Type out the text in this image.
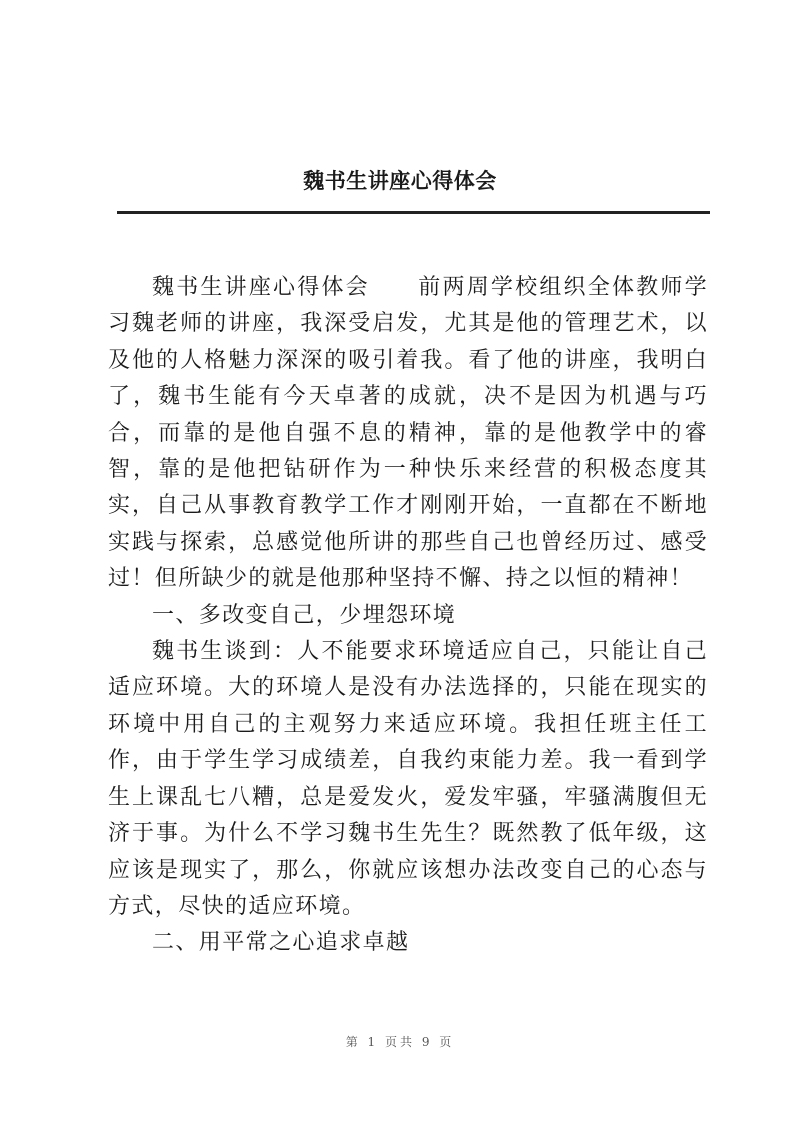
魏书生讲座心得体会

魏书生讲座心得体会　　前两周学校组织全体教师学习魏老师的讲座，我深受启发，尤其是他的管理艺术，以及他的人格魅力深深的吸引着我。看了他的讲座，我明白了，魏书生能有今天卓著的成就，决不是因为机遇与巧合，而靠的是他自强不息的精神，靠的是他教学中的睿智，靠的是他把钻研作为一种快乐来经营的积极态度其实，自己从事教育教学工作才刚刚开始，一直都在不断地实践与探索，总感觉他所讲的那些自己也曾经历过、感受过！但所缺少的就是他那种坚持不懈、持之以恒的精神！

一、多改变自己，少埋怨环境

魏书生谈到：人不能要求环境适应自己，只能让自己适应环境。大的环境人是没有办法选择的，只能在现实的环境中用自己的主观努力来适应环境。我担任班主任工作，由于学生学习成绩差，自我约束能力差。我一看到学生上课乱七八糟，总是爱发火，爱发牢骚，牢骚满腹但无济于事。为什么不学习魏书生先生？既然教了低年级，这应该是现实了，那么，你就应该想办法改变自己的心态与方式，尽快的适应环境。

二、用平常之心追求卓越

第 1 页共 9 页
